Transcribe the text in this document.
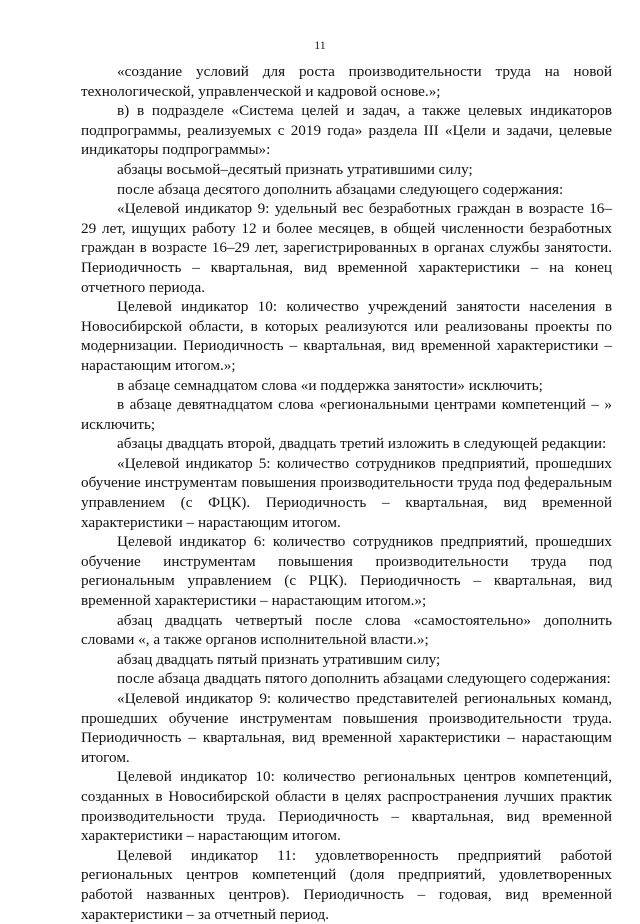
11

«создание условий для роста производительности труда на новой технологической, управленческой и кадровой основе.»;

в) в подразделе «Система целей и задач, а также целевых индикаторов подпрограммы, реализуемых с 2019 года» раздела III «Цели и задачи, целевые индикаторы подпрограммы»:

абзацы восьмой–десятый признать утратившими силу;

после абзаца десятого дополнить абзацами следующего содержания:

«Целевой индикатор 9: удельный вес безработных граждан в возрасте 16–29 лет, ищущих работу 12 и более месяцев, в общей численности безработных граждан в возрасте 16–29 лет, зарегистрированных в органах службы занятости. Периодичность – квартальная, вид временной характеристики – на конец отчетного периода.

Целевой индикатор 10: количество учреждений занятости населения в Новосибирской области, в которых реализуются или реализованы проекты по модернизации. Периодичность – квартальная, вид временной характеристики – нарастающим итогом.»;

в абзаце семнадцатом слова «и поддержка занятости» исключить;

в абзаце девятнадцатом слова «региональными центрами компетенций – » исключить;

абзацы двадцать второй, двадцать третий изложить в следующей редакции:

«Целевой индикатор 5: количество сотрудников предприятий, прошедших обучение инструментам повышения производительности труда под федеральным управлением (с ФЦК). Периодичность – квартальная, вид временной характеристики – нарастающим итогом.

Целевой индикатор 6: количество сотрудников предприятий, прошедших обучение инструментам повышения производительности труда под региональным управлением (с РЦК). Периодичность – квартальная, вид временной характеристики – нарастающим итогом.»;

абзац двадцать четвертый после слова «самостоятельно» дополнить словами «, а также органов исполнительной власти.»;

абзац двадцать пятый признать утратившим силу;

после абзаца двадцать пятого дополнить абзацами следующего содержания:

«Целевой индикатор 9: количество представителей региональных команд, прошедших обучение инструментам повышения производительности труда. Периодичность – квартальная, вид временной характеристики – нарастающим итогом.

Целевой индикатор 10: количество региональных центров компетенций, созданных в Новосибирской области в целях распространения лучших практик производительности труда. Периодичность – квартальная, вид временной характеристики – нарастающим итогом.

Целевой индикатор 11: удовлетворенность предприятий работой региональных центров компетенций (доля предприятий, удовлетворенных работой названных центров). Периодичность – годовая, вид временной характеристики – за отчетный период.
